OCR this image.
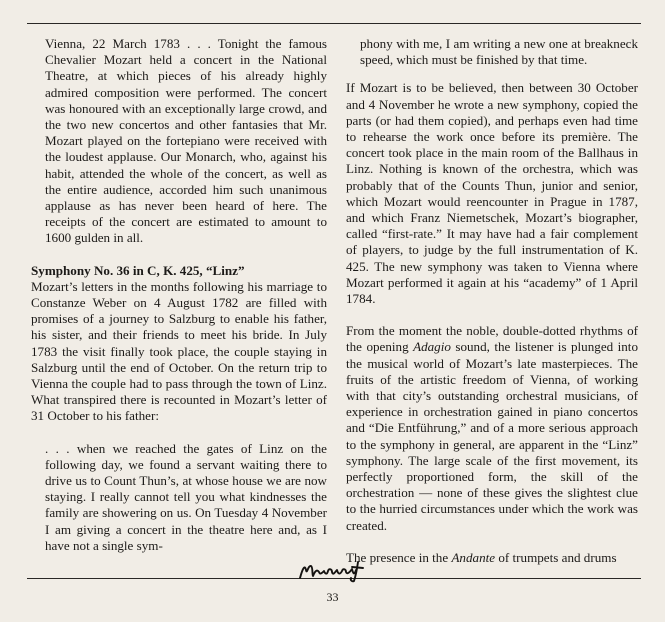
Vienna, 22 March 1783 . . . Tonight the famous Chevalier Mozart held a concert in the National Theatre, at which pieces of his already highly admired composition were performed. The concert was honoured with an exceptionally large crowd, and the two new concertos and other fantasies that Mr. Mozart played on the fortepiano were received with the loudest applause. Our Monarch, who, against his habit, attended the whole of the concert, as well as the entire audience, accorded him such unanimous applause as has never been heard of here. The receipts of the concert are estimated to amount to 1600 gulden in all.

Symphony No. 36 in C, K. 425, “Linz”

Mozart’s letters in the months following his marriage to Constanze Weber on 4 August 1782 are filled with promises of a journey to Salzburg to enable his father, his sister, and their friends to meet his bride. In July 1783 the visit finally took place, the couple staying in Salzburg until the end of October. On the return trip to Vienna the couple had to pass through the town of Linz. What transpired there is recounted in Mozart’s letter of 31 October to his father:

. . . when we reached the gates of Linz on the following day, we found a servant waiting there to drive us to Count Thun’s, at whose house we are now staying. I really cannot tell you what kindnesses the family are showering on us. On Tuesday 4 November I am giving a concert in the theatre here and, as I have not a single sym-

phony with me, I am writing a new one at breakneck speed, which must be finished by that time.

If Mozart is to be believed, then between 30 October and 4 November he wrote a new symphony, copied the parts (or had them copied), and perhaps even had time to rehearse the work once before its première. The concert took place in the main room of the Ballhaus in Linz. Nothing is known of the orchestra, which was probably that of the Counts Thun, junior and senior, which Mozart would reencounter in Prague in 1787, and which Franz Niemetschek, Mozart’s biographer, called “first-rate.” It may have had a fair complement of players, to judge by the full instrumentation of K. 425. The new symphony was taken to Vienna where Mozart performed it again at his “academy” of 1 April 1784.

From the moment the noble, double-dotted rhythms of the opening Adagio sound, the listener is plunged into the musical world of Mozart’s late masterpieces. The fruits of the artistic freedom of Vienna, of working with that city’s outstanding orchestral musicians, of experience in orchestration gained in piano concertos and “Die Entführung,” and of a more serious approach to the symphony in general, are apparent in the “Linz” symphony. The large scale of the first movement, its perfectly proportioned form, the skill of the orchestration — none of these gives the slightest clue to the hurried circumstances under which the work was created.

The presence in the Andante of trumpets and drums

33
